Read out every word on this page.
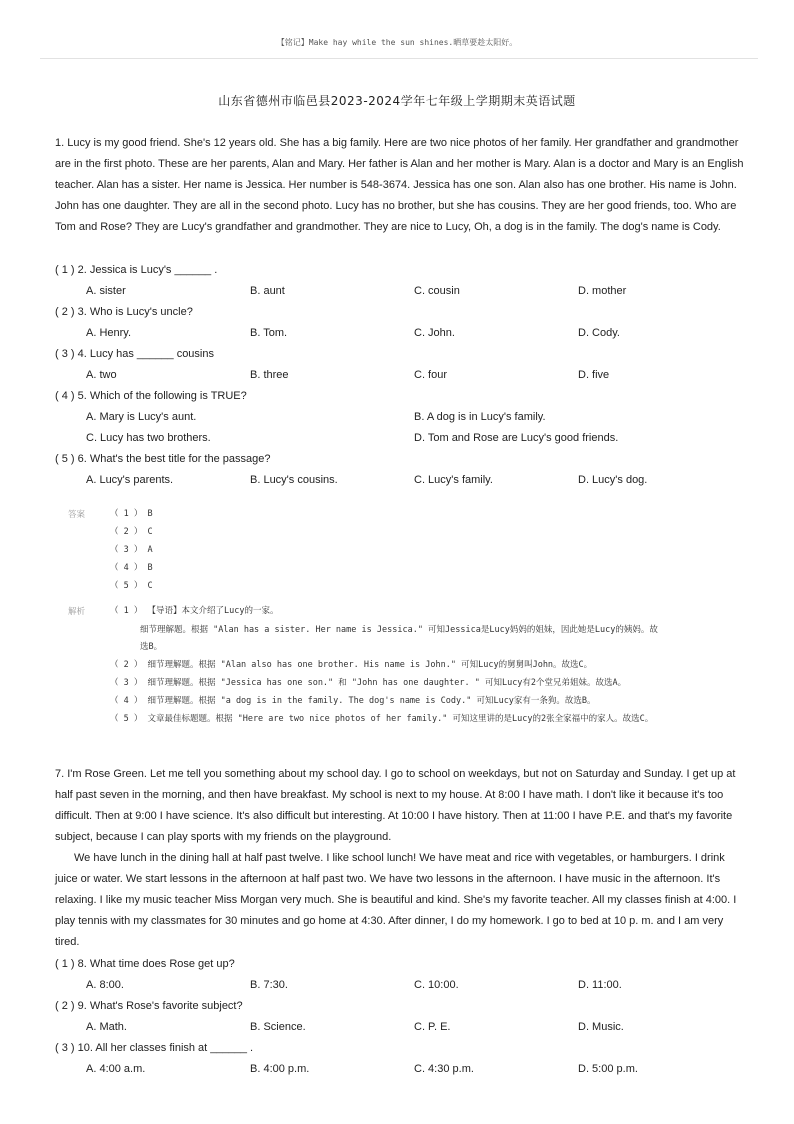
【铭记】Make hay while the sun shines.晒草要趁太阳好。
山东省德州市临邑县2023-2024学年七年级上学期期末英语试题

1. Lucy is my good friend. She's 12 years old. She has a big family. Here are two nice photos of her family. Her grandfather and grandmother are in the first photo. These are her parents, Alan and Mary. Her father is Alan and her mother is Mary. Alan is a doctor and Mary is an English teacher. Alan has a sister. Her name is Jessica. Her number is 548-3674. Jessica has one son. Alan also has one brother. His name is John. John has one daughter. They are all in the second photo. Lucy has no brother, but she has cousins. They are her good friends, too. Who are Tom and Rose? They are Lucy's grandfather and grandmother. They are nice to Lucy, Oh, a dog is in the family. The dog's name is Cody.

( 1 ) 2. Jessica is Lucy's ______ .
A. sister	B. aunt	C. cousin	D. mother
( 2 ) 3. Who is Lucy's uncle?
A. Henry.	B. Tom.	C. John.	D. Cody.
( 3 ) 4. Lucy has ______ cousins
A. two	B. three	C. four	D. five
( 4 ) 5. Which of the following is TRUE?
A. Mary is Lucy's aunt.	B. A dog is in Lucy's family.
C. Lucy has two brothers.	D. Tom and Rose are Lucy's good friends.
( 5 ) 6. What's the best title for the passage?
A. Lucy's parents.	B. Lucy's cousins.	C. Lucy's family.	D. Lucy's dog.
答案	（ 1 ） B
（ 2 ） C
（ 3 ） A
（ 4 ） B
（ 5 ） C
解析	（ 1 ） 【导语】本文介绍了Lucy的一家。
细节理解题。根据 "Alan has a sister. Her name is Jessica." 可知Jessica是Lucy妈妈的姐妹，因此她是Lucy的姨妈。故
选B。
（ 2 ） 细节理解题。根据 "Alan also has one brother. His name is John." 可知Lucy的舅舅叫John。故选C。
（ 3 ） 细节理解题。根据 "Jessica has one son." 和 "John has one daughter. " 可知Lucy有2个堂兄弟姐妹。故选A。
（ 4 ） 细节理解题。根据 "a dog is in the family. The dog's name is Cody." 可知Lucy家有一条狗。故选B。
（ 5 ） 文章最佳标题题。根据 "Here are two nice photos of her family." 可知这里讲的是Lucy的2张全家福中的家人。故选C。

7. I'm Rose Green. Let me tell you something about my school day. I go to school on weekdays, but not on Saturday and Sunday. I get up at half past seven in the morning, and then have breakfast. My school is next to my house. At 8:00 I have math. I don't like it because it's too difficult. Then at 9:00 I have science. It's also difficult but interesting. At 10:00 I have history. Then at 11:00 I have P.E. and that's my favorite subject, because I can play sports with my friends on the playground.

We have lunch in the dining hall at half past twelve. I like school lunch! We have meat and rice with vegetables, or hamburgers. I drink juice or water. We start lessons in the afternoon at half past two. We have two lessons in the afternoon. I have music in the afternoon. It's relaxing. I like my music teacher Miss Morgan very much. She is beautiful and kind. She's my favorite teacher. All my classes finish at 4:00. I play tennis with my classmates for 30 minutes and go home at 4:30. After dinner, I do my homework. I go to bed at 10 p. m. and I am very tired.

( 1 ) 8. What time does Rose get up?
A. 8:00.	B. 7:30.	C. 10:00.	D. 11:00.
( 2 ) 9. What's Rose's favorite subject?
A. Math.	B. Science.	C. P. E.	D. Music.
( 3 ) 10. All her classes finish at ______ .
A. 4:00 a.m.	B. 4:00 p.m.	C. 4:30 p.m.	D. 5:00 p.m.
